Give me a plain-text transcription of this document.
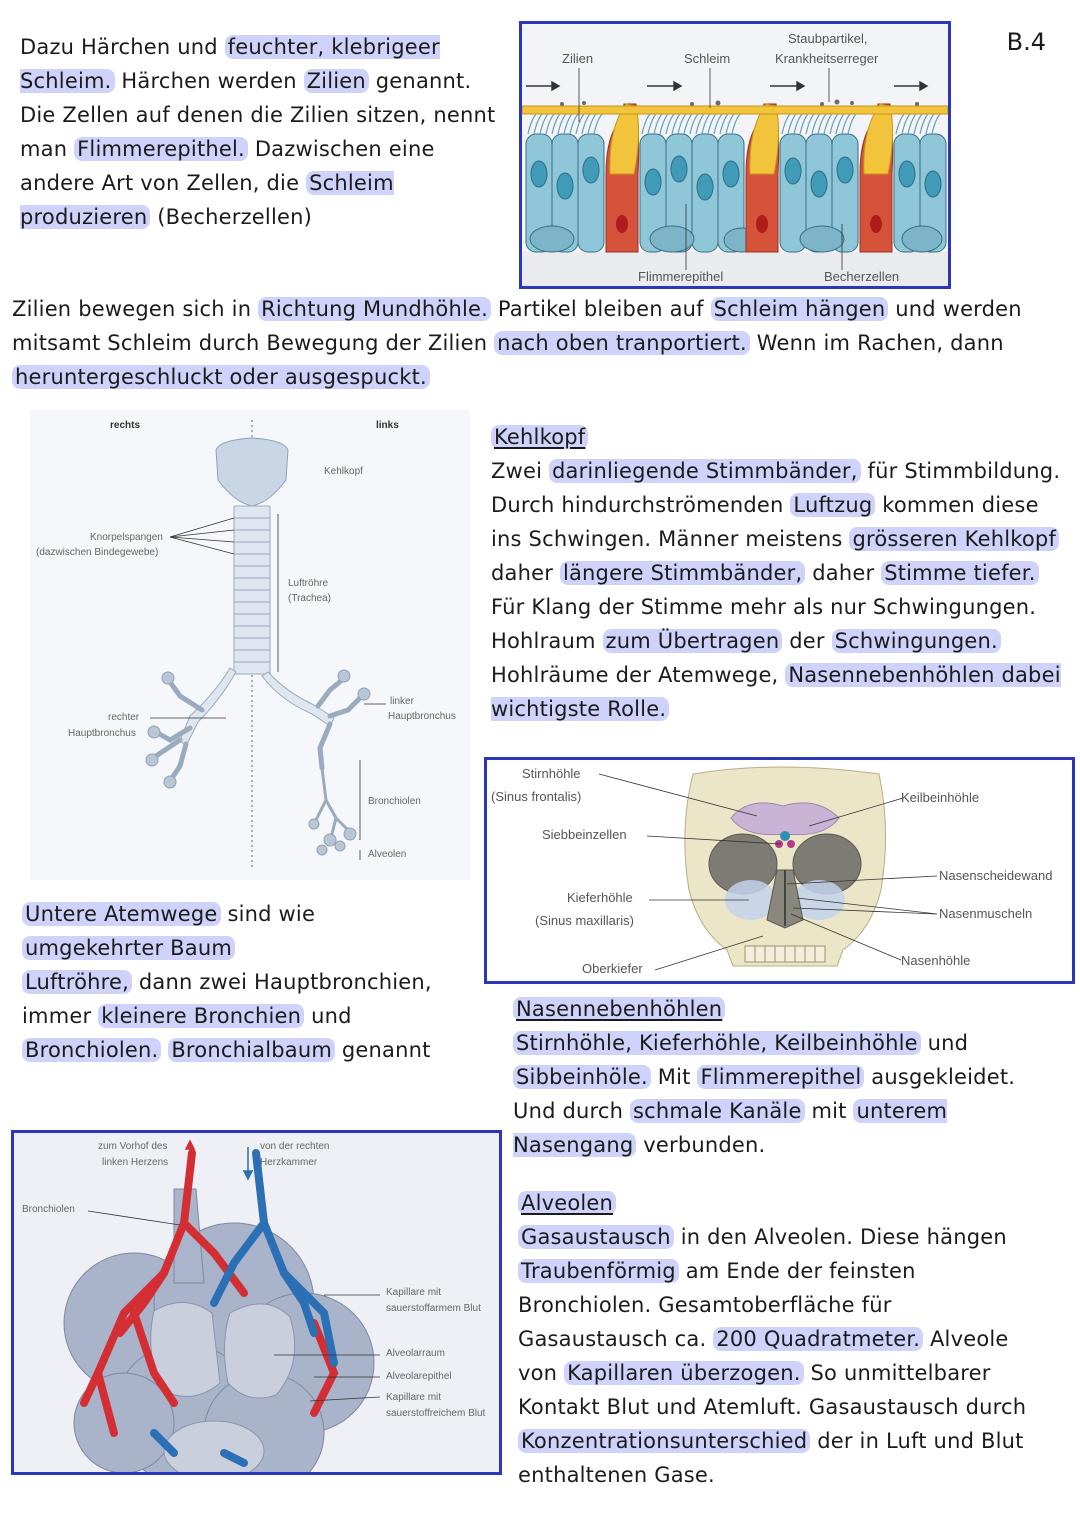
B.4

Dazu Härchen und feuchter, klebrigeer Schleim. Härchen werden Zilien genannt. Die Zellen auf denen die Zilien sitzen, nennt man Flimmerepithel. Dazwischen eine andere Art von Zellen, die Schleim produzieren (Becherzellen)

Zilien	Schleim
Staubpartikel,
Krankheitserreger
Flimmerepithel	Becherzellen

Zilien bewegen sich in Richtung Mundhöhle. Partikel bleiben auf Schleim hängen und werden mitsamt Schleim durch Bewegung der Zilien nach oben tranportiert. Wenn im Rachen, dann heruntergeschluckt oder ausgespuckt.

rechts	links
Kehlkopf
Knorpelspangen
(dazwischen Bindegewebe)
Luftröhre
(Trachea)
rechter
Hauptbronchus
linker
Hauptbronchus
Bronchiolen
Alveolen

Kehlkopf

Zwei darinliegende Stimmbänder, für Stimmbildung. Durch hindurchströmenden Luftzug kommen diese ins Schwingen. Männer meistens grösseren Kehlkopf daher längere Stimmbänder, daher Stimme tiefer. Für Klang der Stimme mehr als nur Schwingungen. Hohlraum zum Übertragen der Schwingungen. Hohlräume der Atemwege, Nasennebenhöhlen dabei wichtigste Rolle.

Stirnhöhle
(Sinus frontalis)
Siebbeinzellen
Kieferhöhle
(Sinus maxillaris)
Oberkiefer
Keilbeinhöhle
Nasenscheidewand
Nasenmuscheln
Nasenhöhle

Untere Atemwege sind wie umgekehrter Baum

Luftröhre, dann zwei Hauptbronchien, immer kleinere Bronchien und Bronchiolen. Bronchialbaum genannt

Nasennebenhöhlen

Stirnhöhle, Kieferhöhle, Keilbeinhöhle und Sibbeinhöle. Mit Flimmerepithel ausgekleidet. Und durch schmale Kanäle mit unterem Nasengang verbunden.

zum Vorhof des
linken Herzens
von der rechten
Herzkammer
Bronchiolen
Kapillare mit
sauerstoffarmem Blut
Alveolarraum
Alveolarepithel
Kapillare mit
sauerstoffreichem Blut

Alveolen

Gasaustausch in den Alveolen. Diese hängen Traubenförmig am Ende der feinsten Bronchiolen. Gesamtoberfläche für Gasaustausch ca. 200 Quadratmeter. Alveole von Kapillaren überzogen. So unmittelbarer Kontakt Blut und Atemluft. Gasaustausch durch Konzentrationsunterschied der in Luft und Blut enthaltenen Gase.
